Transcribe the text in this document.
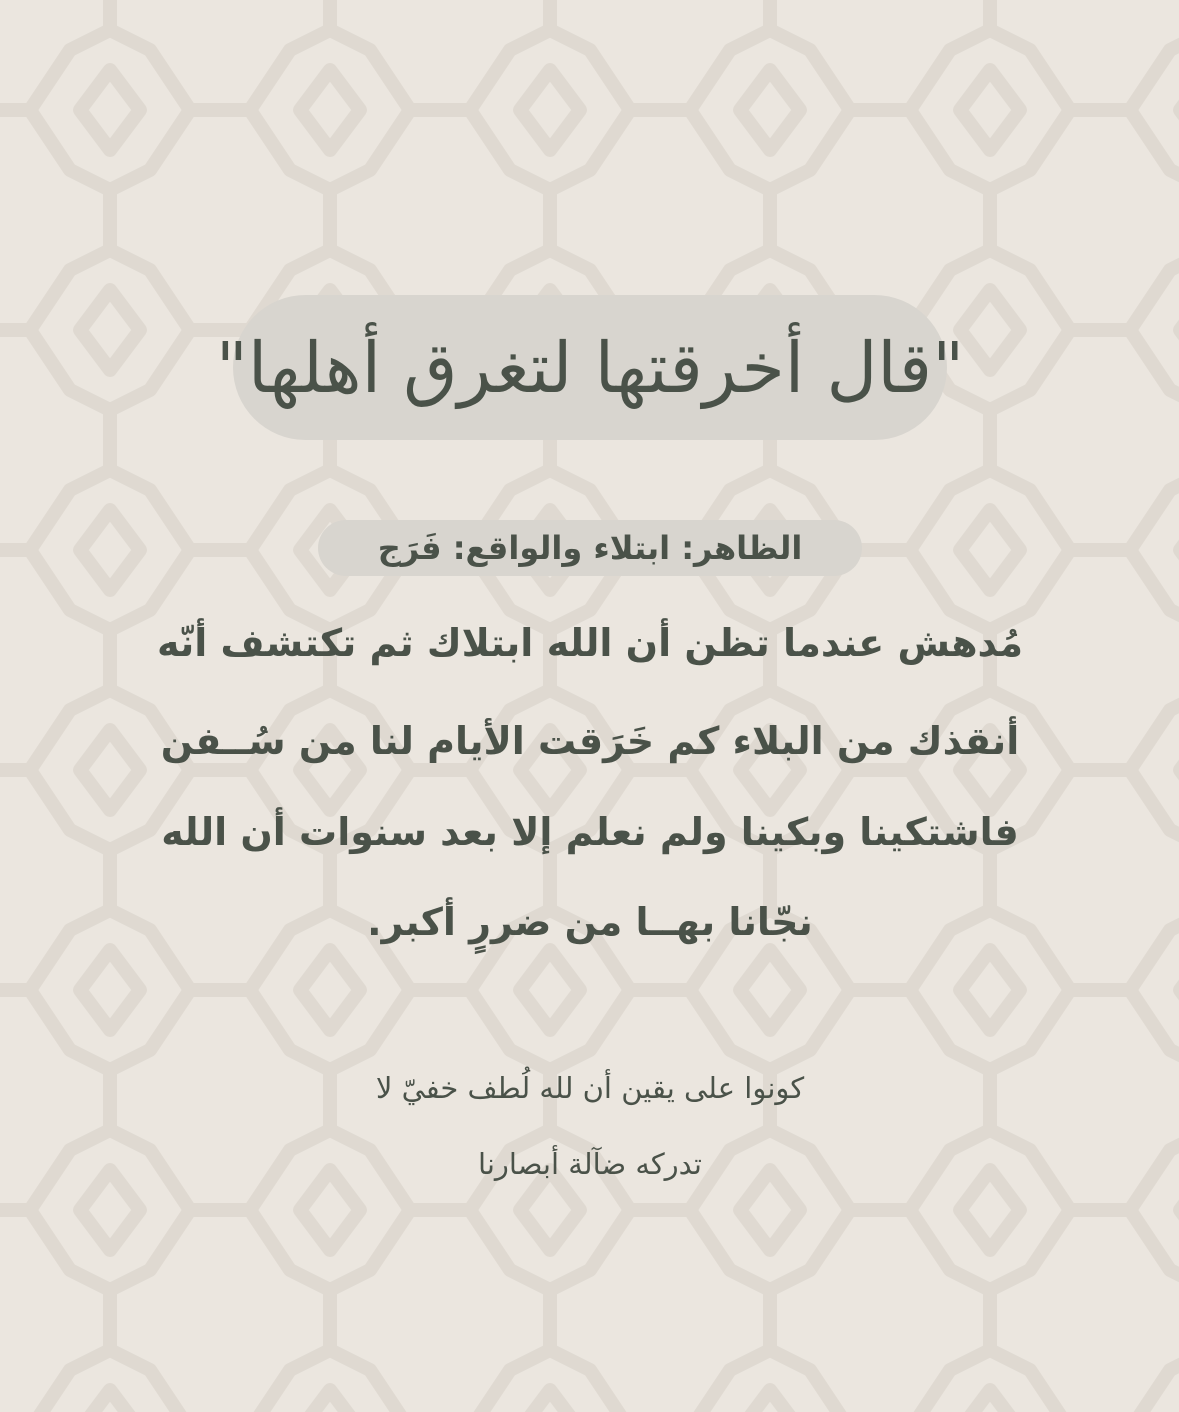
"قال أخرقتها لتغرق أهلها"
الظاهر: ابتلاء والواقع: فَرَج
مُدهش عندما تظن أن الله ابتلاك ثم تكتشف أنّه
أنقذك من البلاء كم خَرَقت الأيام لنا من سُــفن
فاشتكينا وبكينا ولم نعلم إلا بعد سنوات أن الله
نجّانا بهــا من ضررٍ أكبر.
كونوا على يقين أن لله لُطف خفيّ لا
تدركه ضآلة أبصارنا
